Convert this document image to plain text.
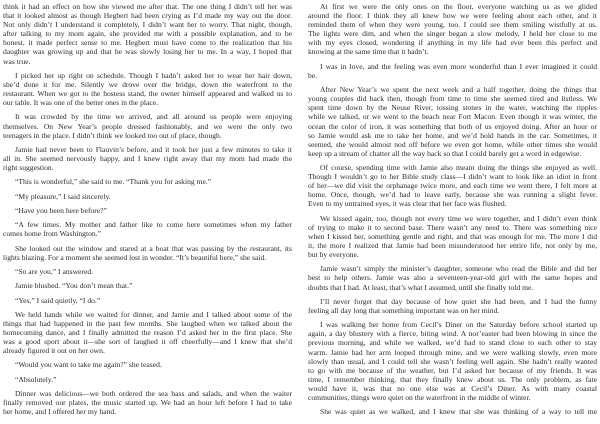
think it had an effect on how she viewed me after that. The one thing I didn’t tell her was
that it looked almost as though Hegbert had been crying as I’d made my way out the door.
Not only didn’t I understand it completely, I didn’t want her to worry. That night, though,
after talking to my mom again, she provided me with a possible explanation, and to be
honest, it made perfect sense to me. Hegbert must have come to the realization that his
daughter was growing up and that he was slowly losing her to me. In a way, I hoped that
was true.
I picked her up right on schedule. Though I hadn’t asked her to wear her hair down,
she’d done it for me. Silently we drove over the bridge, down the waterfront to the
restaurant. When we got to the hostess stand, the owner himself appeared and walked us to
our table. It was one of the better ones in the place.
It was crowded by the time we arrived, and all around us people were enjoying
themselves. On New Year’s people dressed fashionably, and we were the only two
teenagers in the place. I didn’t think we looked too out of place, though.
Jamie had never been to Flauvin’s before, and it took her just a few minutes to take it
all in. She seemed nervously happy, and I knew right away that my mom had made the
right suggestion.
“This is wonderful,” she said to me. “Thank you for asking me.”
“My pleasure,” I said sincerely.
“Have you been here before?”
“A few times. My mother and father like to come here sometimes when my father
comes home from Washington.”
She looked out the window and stared at a boat that was passing by the restaurant, its
lights blazing. For a moment she seemed lost in wonder. “It’s beautiful here,” she said.
“So are you,” I answered.
Jamie blushed. “You don’t mean that.”
“Yes,” I said quietly, “I do.”
We held hands while we waited for dinner, and Jamie and I talked about some of the
things that had happened in the past few months. She laughed when we talked about the
homecoming dance, and I finally admitted the reason I’d asked her in the first place. She
was a good sport about it—she sort of laughed it off cheerfully—and I knew that she’d
already figured it out on her own.
“Would you want to take me again?” she teased.
“Absolutely.”
Dinner was delicious—we both ordered the sea bass and salads, and when the waiter
finally removed our plates, the music started up. We had an hour left before I had to take
her home, and I offered her my hand.
At first we were the only ones on the floor, everyone watching us as we glided
around the floor. I think they all knew how we were feeling about each other, and it
reminded them of when they were young, too. I could see them smiling wistfully at us.
The lights were dim, and when the singer began a slow melody, I held her close to me
with my eyes closed, wondering if anything in my life had ever been this perfect and
knowing at the same time that it hadn’t.
I was in love, and the feeling was even more wonderful than I ever imagined it could
be.
After New Year’s we spent the next week and a half together, doing the things that
young couples did back then, though from time to time she seemed tired and listless. We
spent time down by the Neuse River, tossing stones in the water, watching the ripples
while we talked, or we went to the beach near Fort Macon. Even though it was winter, the
ocean the color of iron, it was something that both of us enjoyed doing. After an hour or
so Jamie would ask me to take her home, and we’d hold hands in the car. Sometimes, it
seemed, she would almost nod off before we even got home, while other times she would
keep up a stream of chatter all the way back so that I could barely get a word in edgewise.
Of course, spending time with Jamie also meant doing the things she enjoyed as well.
Though I wouldn’t go to her Bible study class—I didn’t want to look like an idiot in front
of her—we did visit the orphanage twice more, and each time we went there, I felt more at
home. Once, though, we’d had to leave early, because she was running a slight fever.
Even to my untrained eyes, it was clear that her face was flushed.
We kissed again, too, though not every time we were together, and I didn’t even think
of trying to make it to second base. There wasn’t any need to. There was something nice
when I kissed her, something gentle and right, and that was enough for me. The more I did
it, the more I realized that Jamie had been misunderstood her entire life, not only by me,
but by everyone.
Jamie wasn’t simply the minister’s daughter, someone who read the Bible and did her
best to help others. Jamie was also a seventeen-year-old girl with the same hopes and
doubts that I had. At least, that’s what I assumed, until she finally told me.
I’ll never forget that day because of how quiet she had been, and I had the funny
feeling all day long that something important was on her mind.
I was walking her home from Cecil’s Diner on the Saturday before school started up
again, a day blustery with a fierce, biting wind. A nor’easter had been blowing in since the
previous morning, and while we walked, we’d had to stand close to each other to stay
warm. Jamie had her arm looped through mine, and we were walking slowly, even more
slowly than usual, and I could tell she wasn’t feeling well again. She hadn’t really wanted
to go with me because of the weather, but I’d asked her because of my friends. It was
time, I remember thinking, that they finally knew about us. The only problem, as fate
would have it, was that no one else was at Cecil’s Diner. As with many coastal
communities, things were quiet on the waterfront in the middle of winter.
She was quiet as we walked, and I knew that she was thinking of a way to tell me
